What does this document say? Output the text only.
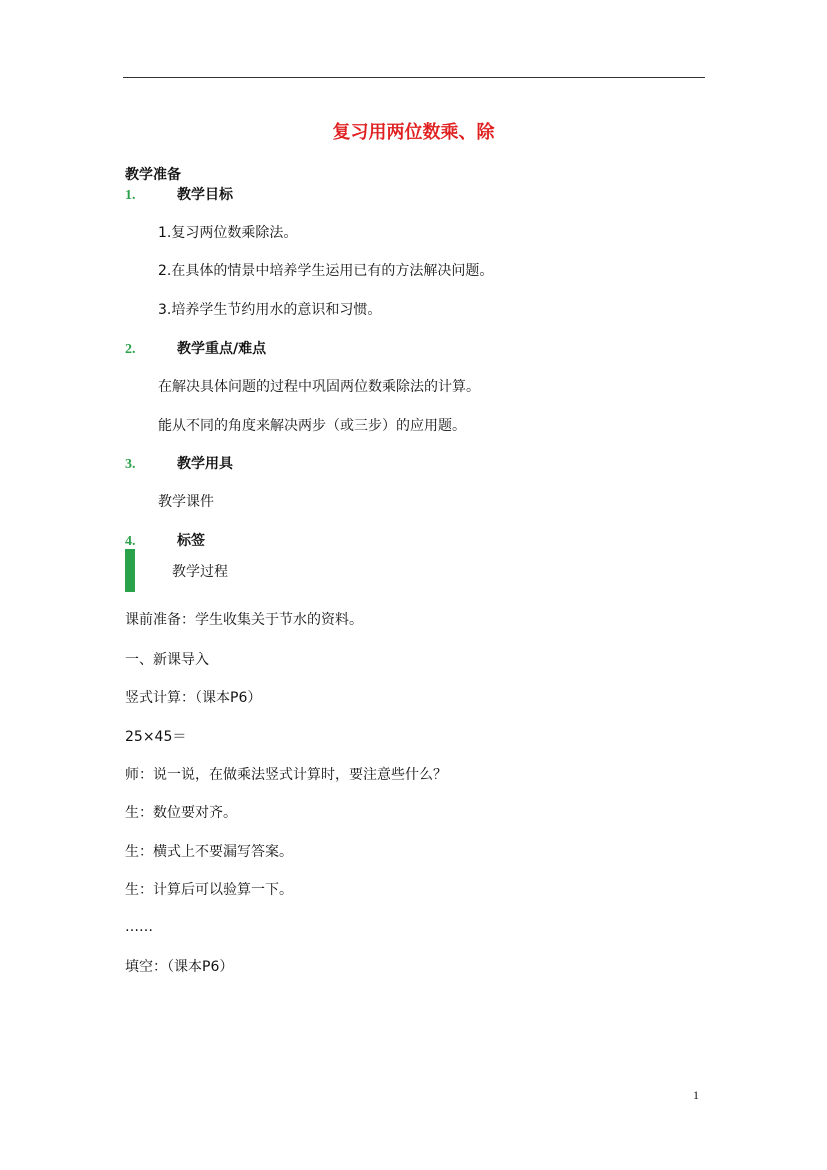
复习用两位数乘、除
教学准备
1.	教学目标
1.复习两位数乘除法。
2.在具体的情景中培养学生运用已有的方法解决问题。
3.培养学生节约用水的意识和习惯。
2.	教学重点/难点
在解决具体问题的过程中巩固两位数乘除法的计算。
能从不同的角度来解决两步（或三步）的应用题。
3.	教学用具
教学课件
4.	标签
教学过程
课前准备：学生收集关于节水的资料。
一、新课导入
竖式计算：（课本P6）
25×45＝
师：说一说，在做乘法竖式计算时，要注意些什么？
生：数位要对齐。
生：横式上不要漏写答案。
生：计算后可以验算一下。
……
填空：（课本P6）
1
